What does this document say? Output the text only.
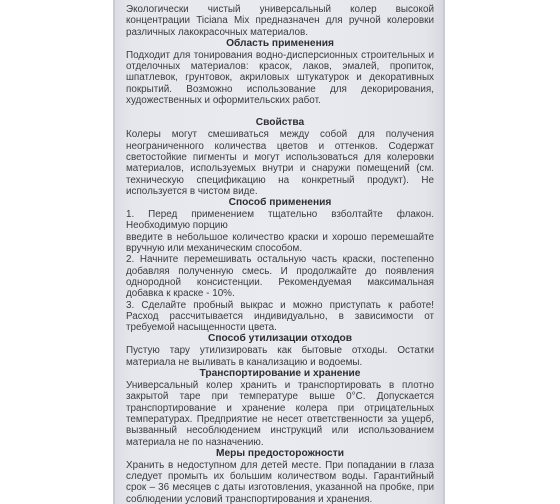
Экологически чистый универсальный колер высокой концентрации Ticiana Mix предназначен для ручной колеровки различных лакокрасочных материалов.

Область применения

Подходит для тонирования водно-дисперсионных строительных и отделочных материалов: красок, лаков, эмалей, пропиток, шпатлевок, грунтовок, акриловых штукатурок и декоративных покрытий. Возможно использование для декорирования, художественных и оформительских работ.

Свойства

Колеры могут смешиваться между собой для получения неограниченного количества цветов и оттенков. Содержат светостойкие пигменты и могут использоваться для колеровки материалов, используемых внутри и снаружи помещений (см. техническую спецификацию на конкретный продукт). Не используется в чистом виде.

Способ применения

1. Перед применением тщательно взболтайте флакон. Необходимую порцию

введите в небольшое количество краски и хорошо перемешайте вручную или механическим способом.

2. Начните перемешивать остальную часть краски, постепенно добавляя полученную смесь. И продолжайте до появления однородной консистенции. Рекомендуемая максимальная добавка к краске - 10%.

3. Сделайте пробный выкрас и можно приступать к работе! Расход рассчитывается индивидуально, в зависимости от требуемой насыщенности цвета.

Способ утилизации отходов

Пустую тару утилизировать как бытовые отходы. Остатки материала не выливать в канализацию и водоемы.

Транспортирование и хранение

Универсальный колер хранить и транспортировать в плотно закрытой таре при температуре выше 0°С. Допускается транспортирование и хранение колера при отрицательных температурах. Предприятие не несет ответственности за ущерб, вызванный несоблюдением инструкций или использованием материала не по назначению.

Меры предосторожности

Хранить в недоступном для детей месте. При попадании в глаза следует промыть их большим количеством воды. Гарантийный срок – 36 месяцев с даты изготовления, указанной на пробке, при соблюдении условий транспортирования и хранения.
